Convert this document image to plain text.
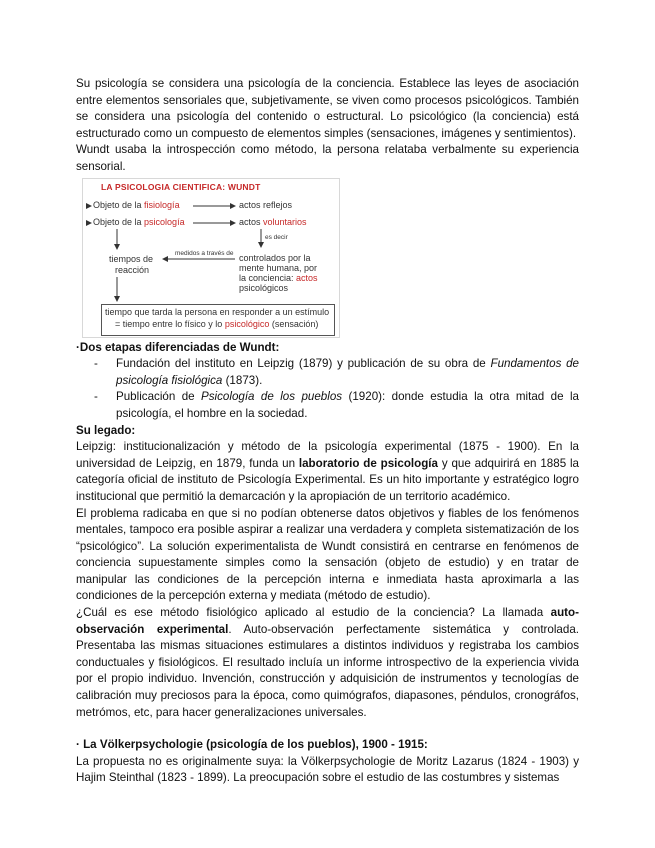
Su psicología se considera una psicología de la conciencia. Establece las leyes de asociación entre elementos sensoriales que, subjetivamente, se viven como procesos psicológicos. También se considera una psicología del contenido o estructural. Lo psicológico (la conciencia) está estructurado como un compuesto de elementos simples (sensaciones, imágenes y sentimientos).

Wundt usaba la introspección como método, la persona relataba verbalmente su experiencia sensorial.

LA PSICOLOGIA CIENTIFICA: WUNDT
Objeto de la fisiología	actos reflejos
Objeto de la psicología	actos voluntarios
es decir
medidos a través de
tiempos de
reacción
controlados por la
mente humana, por
la conciencia: actos
psicológicos
tiempo que tarda la persona en responder a un estímulo
= tiempo entre lo físico y lo psicológico (sensación)

·Dos etapas diferenciadas de Wundt:

- Fundación del instituto en Leipzig (1879) y publicación de su obra de Fundamentos de psicología fisiológica (1873).
- Publicación de Psicología de los pueblos (1920): donde estudia la otra mitad de la psicología, el hombre en la sociedad.

Su legado:

Leipzig: institucionalización y método de la psicología experimental (1875 - 1900). En la universidad de Leipzig, en 1879, funda un laboratorio de psicología y que adquirirá en 1885 la categoría oficial de instituto de Psicología Experimental. Es un hito importante y estratégico logro institucional que permitió la demarcación y la apropiación de un territorio académico.

El problema radicaba en que si no podían obtenerse datos objetivos y fiables de los fenómenos mentales, tampoco era posible aspirar a realizar una verdadera y completa sistematización de los “psicológico”. La solución experimentalista de Wundt consistirá en centrarse en fenómenos de conciencia supuestamente simples como la sensación (objeto de estudio) y en tratar de manipular las condiciones de la percepción interna e inmediata hasta aproximarla a las condiciones de la percepción externa y mediata (método de estudio).

¿Cuál es ese método fisiológico aplicado al estudio de la conciencia? La llamada auto-observación experimental. Auto-observación perfectamente sistemática y controlada. Presentaba las mismas situaciones estimulares a distintos individuos y registraba los cambios conductuales y fisiológicos. El resultado incluía un informe introspectivo de la experiencia vivida por el propio individuo. Invención, construcción y adquisición de instrumentos y tecnologías de calibración muy preciosos para la época, como quimógrafos, diapasones, péndulos, cronográfos, metrómos, etc, para hacer generalizaciones universales.

· La Völkerpsychologie (psicología de los pueblos), 1900 - 1915:

La propuesta no es originalmente suya: la Völkerpsychologie de Moritz Lazarus (1824 - 1903) y Hajim Steinthal (1823 - 1899). La preocupación sobre el estudio de las costumbres y sistemas
